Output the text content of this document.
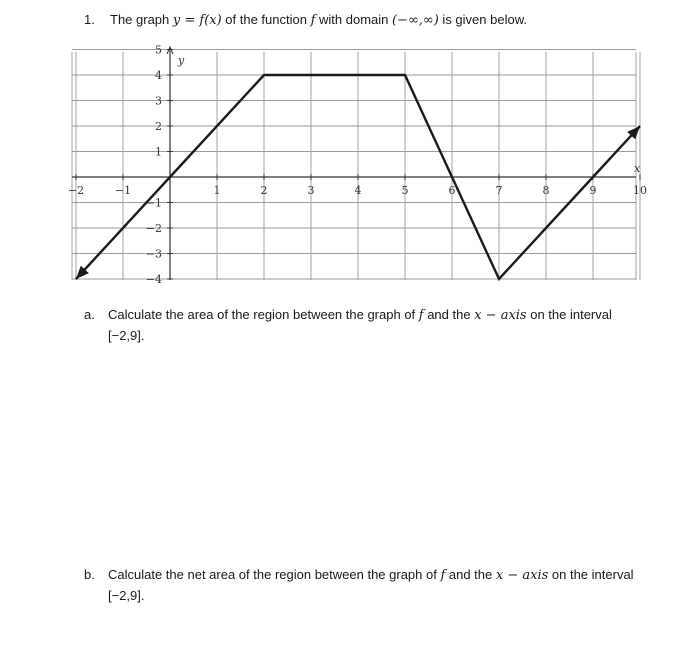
1. The graph y = f(x) of the function f with domain (−∞,∞) is given below.
y
x
−2	−1	1	2	3	4	5	6	7	8	9	10
5
4
3
2
1
−1
−2
−3
−4
a. Calculate the area of the region between the graph of f and the x − axis on the interval
[−2,9].
b. Calculate the net area of the region between the graph of f and the x − axis on the interval
[−2,9].
